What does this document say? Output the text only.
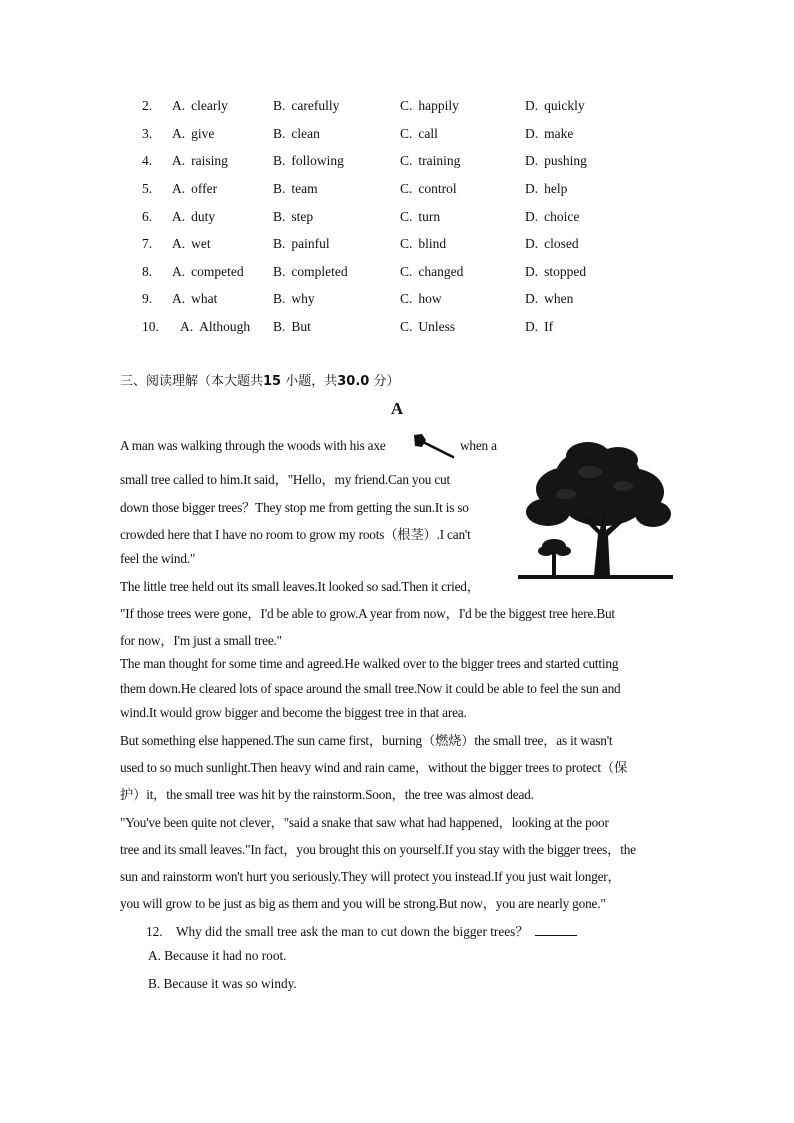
2. A. clearly	B. carefully	C. happily	D. quickly
3. A. give	B. clean	C. call	D. make
4. A. raising	B. following	C. training	D. pushing
5. A. offer	B. team	C. control	D. help
6. A. duty	B. step	C. turn	D. choice
7. A. wet	B. painful	C. blind	D. closed
8. A. competed B. completed	C. changed	D. stopped
9. A. what	B. why	C. how	D. when
10. A. Although B. But	C. Unless	D. If
三、阅读理解（本大题共15 小题，共30.0 分）
A
A man was walking through the woods with his axe	when a
small tree called to him.It said，"Hello，my friend.Can you cut
down those bigger trees？They stop me from getting the sun.It is so
crowded here that I have no room to grow my roots（根茎）.I can't
feel the wind."
The little tree held out its small leaves.It looked so sad.Then it cried，
"If those trees were gone，I'd be able to grow.A year from now，I'd be the biggest tree here.But
for now，I'm just a small tree."
The man thought for some time and agreed.He walked over to the bigger trees and started cutting
them down.He cleared lots of space around the small tree.Now it could be able to feel the sun and
wind.It would grow bigger and become the biggest tree in that area.
But something else happened.The sun came first，burning（燃烧）the small tree，as it wasn't
used to so much sunlight.Then heavy wind and rain came，without the bigger trees to protect（保
护）it，the small tree was hit by the rainstorm.Soon，the tree was almost dead.
"You've been quite not clever，"said a snake that saw what had happened，looking at the poor
tree and its small leaves."In fact，you brought this on yourself.If you stay with the bigger trees，the
sun and rainstorm won't hurt you seriously.They will protect you instead.If you just wait longer，
you will grow to be just as big as them and you will be strong.But now，you are nearly gone."
12. Why did the small tree ask the man to cut down the bigger trees？
A. Because it had no root.
B. Because it was so windy.
